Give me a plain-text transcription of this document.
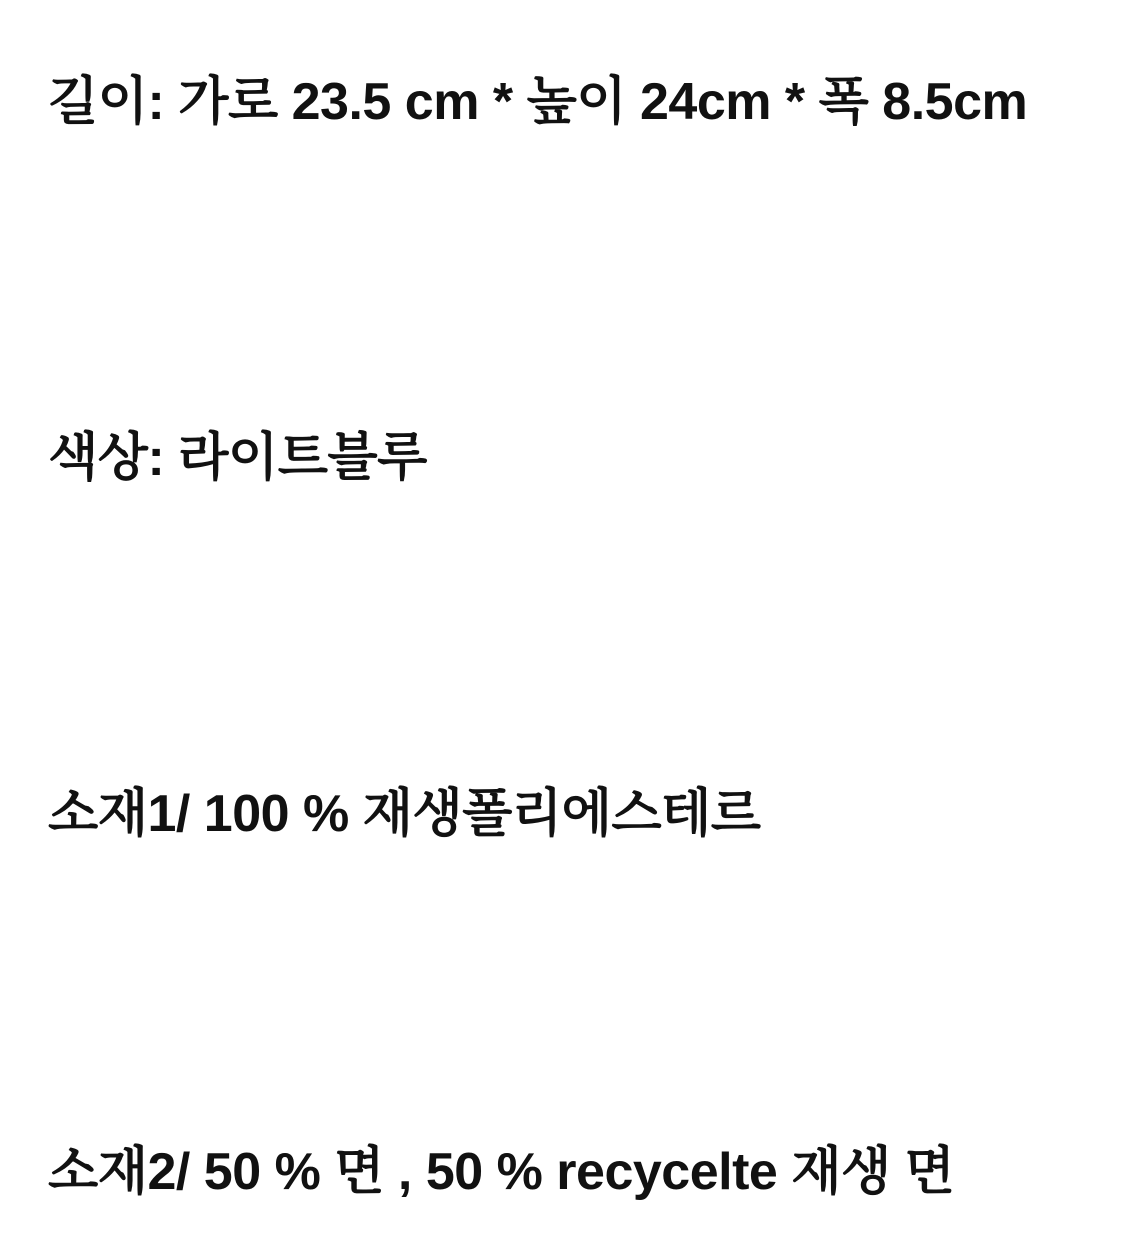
길이: 가로 23.5 cm * 높이 24cm * 폭 8.5cm

색상: 라이트블루

소재1/ 100 % 재생폴리에스테르

소재2/ 50 % 면 , 50 % recycelte 재생 면
